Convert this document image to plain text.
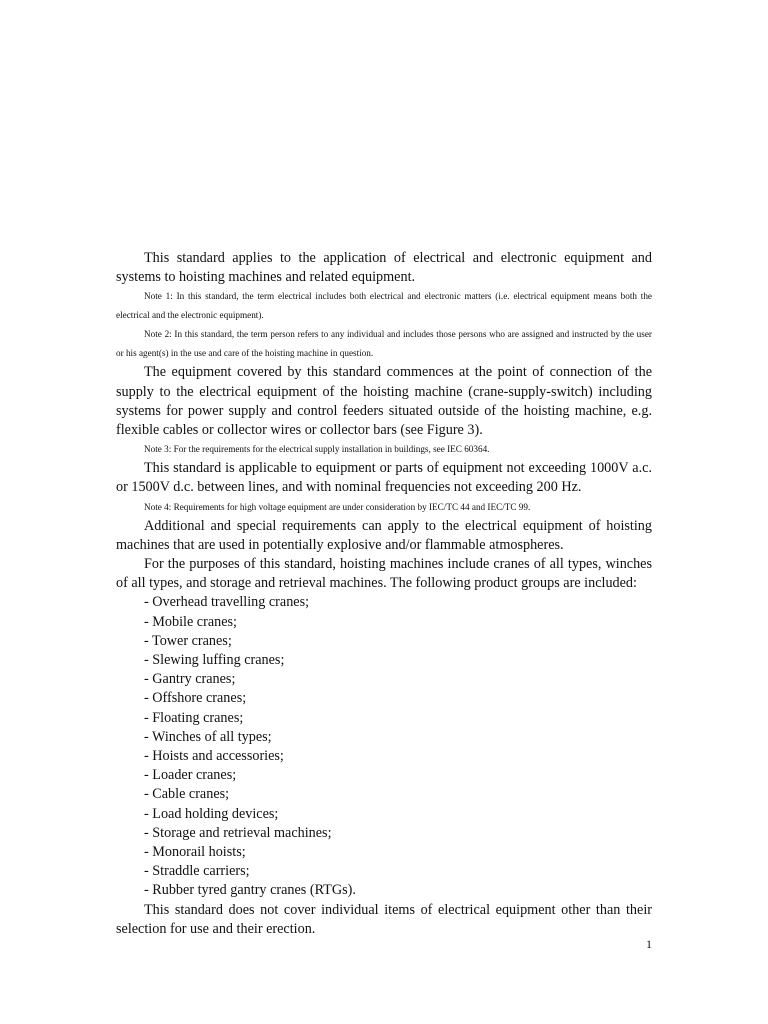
This standard applies to the application of electrical and electronic equipment and systems to hoisting machines and related equipment.

Note 1: In this standard, the term electrical includes both electrical and electronic matters (i.e. electrical equipment means both the electrical and the electronic equipment).

Note 2: In this standard, the term person refers to any individual and includes those persons who are assigned and instructed by the user or his agent(s) in the use and care of the hoisting machine in question.

The equipment covered by this standard commences at the point of connection of the supply to the electrical equipment of the hoisting machine (crane-supply-switch) including systems for power supply and control feeders situated outside of the hoisting machine, e.g. flexible cables or collector wires or collector bars (see Figure 3).

Note 3: For the requirements for the electrical supply installation in buildings, see IEC 60364.

This standard is applicable to equipment or parts of equipment not exceeding 1000V a.c. or 1500V d.c. between lines, and with nominal frequencies not exceeding 200 Hz.

Note 4: Requirements for high voltage equipment are under consideration by IEC/TC 44 and IEC/TC 99.

Additional and special requirements can apply to the electrical equipment of hoisting machines that are used in potentially explosive and/or flammable atmospheres.

For the purposes of this standard, hoisting machines include cranes of all types, winches of all types, and storage and retrieval machines. The following product groups are included:

- Overhead travelling cranes;
- Mobile cranes;
- Tower cranes;
- Slewing luffing cranes;
- Gantry cranes;
- Offshore cranes;
- Floating cranes;
- Winches of all types;
- Hoists and accessories;
- Loader cranes;
- Cable cranes;
- Load holding devices;
- Storage and retrieval machines;
- Monorail hoists;
- Straddle carriers;
- Rubber tyred gantry cranes (RTGs).

This standard does not cover individual items of electrical equipment other than their selection for use and their erection.

1
